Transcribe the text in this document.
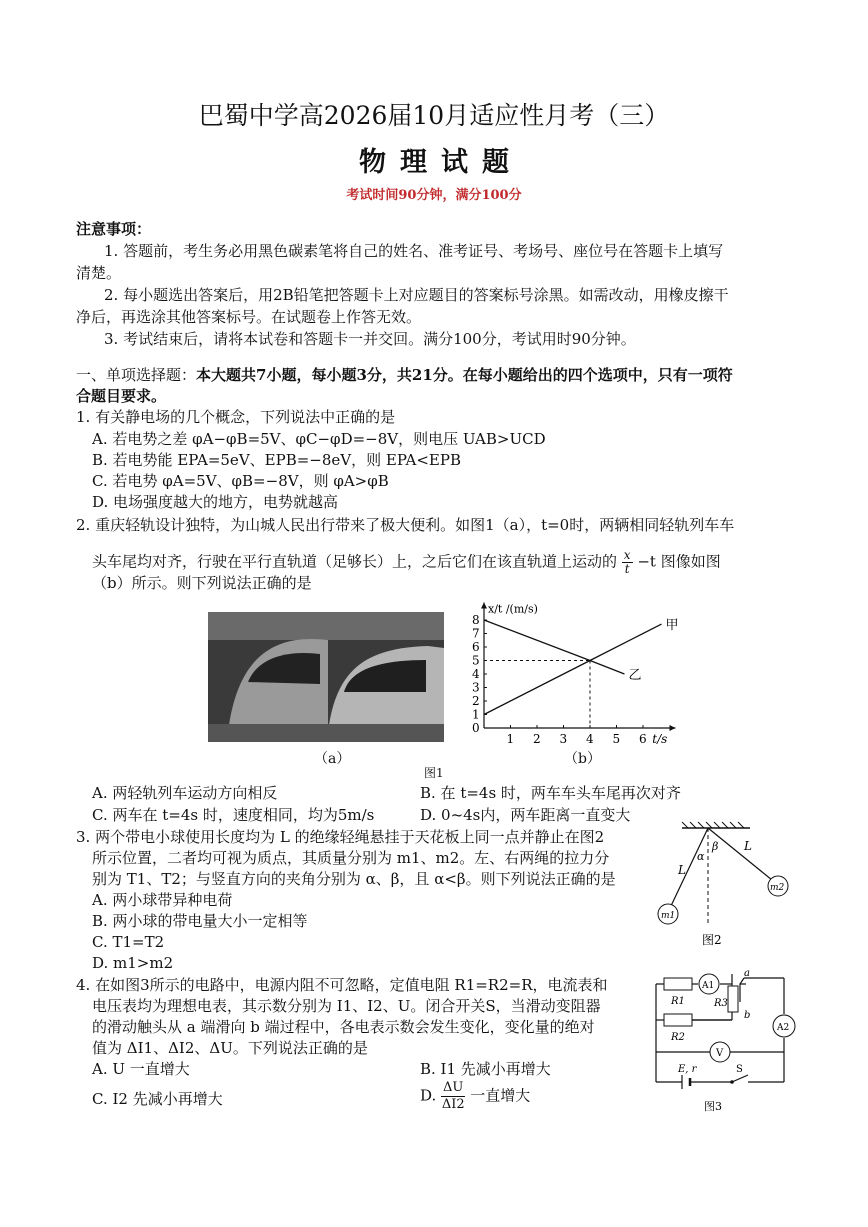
巴蜀中学高2026届10月适应性月考（三）
物理试题
考试时间90分钟，满分100分
注意事项：
1. 答题前，考生务必用黑色碳素笔将自己的姓名、准考证号、考场号、座位号在答题卡上填写
清楚。
2. 每小题选出答案后，用2B铅笔把答题卡上对应题目的答案标号涂黑。如需改动，用橡皮擦干
净后，再选涂其他答案标号。在试题卷上作答无效。
3. 考试结束后，请将本试卷和答题卡一并交回。满分100分，考试用时90分钟。
一、单项选择题：本大题共7小题，每小题3分，共21分。在每小题给出的四个选项中，只有一项符
合题目要求。
1. 有关静电场的几个概念，下列说法中正确的是
A. 若电势之差 φA−φB=5V、φC−φD=−8V，则电压 UAB>UCD
B. 若电势能 EPA=5eV、EPB=−8eV，则 EPA<EPB
C. 若电势 φA=5V、φB=−8V，则 φA>φB
D. 电场强度越大的地方，电势就越高
2. 重庆轻轨设计独特，为山城人民出行带来了极大便利。如图1（a），t=0时，两辆相同轻轨列车车
头车尾均对齐，行驶在平行直轨道（足够长）上，之后它们在该直轨道上运动的 $\frac{x}{t} -t$ 图像如图
（b）所示。则下列说法正确的是
（a）
1 2 3 4 5 6
0
1
2
3
4
5
6
7
8
t/s
x/t /(m/s)
甲
乙
（b）
图1
A. 两轻轨列车运动方向相反	B. 在 t=4s 时，两车车头车尾再次对齐
C. 两车在 t=4s 时，速度相同，均为5m/s	D. 0~4s内，两车距离一直变大
3. 两个带电小球使用长度均为 L 的绝缘轻绳悬挂于天花板上同一点并静止在图2
所示位置，二者均可视为质点，其质量分别为 m1、m2。左、右两绳的拉力分
别为 T1、T2；与竖直方向的夹角分别为 α、β，且 α<β。则下列说法正确的是
A. 两小球带异种电荷
B. 两小球的带电量大小一定相等
C. T1=T2
D. m1>m2
L
L
α
β
m1
m2
图2
4. 在如图3所示的电路中，电源内阻不可忽略，定值电阻 R1=R2=R，电流表和
电压表均为理想电表，其示数分别为 I1、I2、U。闭合开关S，当滑动变阻器
的滑动触头从 a 端滑向 b 端过程中，各电表示数会发生变化，变化量的绝对
值为 ΔI1、ΔI2、ΔU。下列说法正确的是
A. U 一直增大	B. I1 先减小再增大
C. I2 先减小再增大	D. $\frac{\Delta U}{\Delta I2}$ 一直增大
R1
R2
R3
A1
A2
V
E, r	S
a
b
图3
